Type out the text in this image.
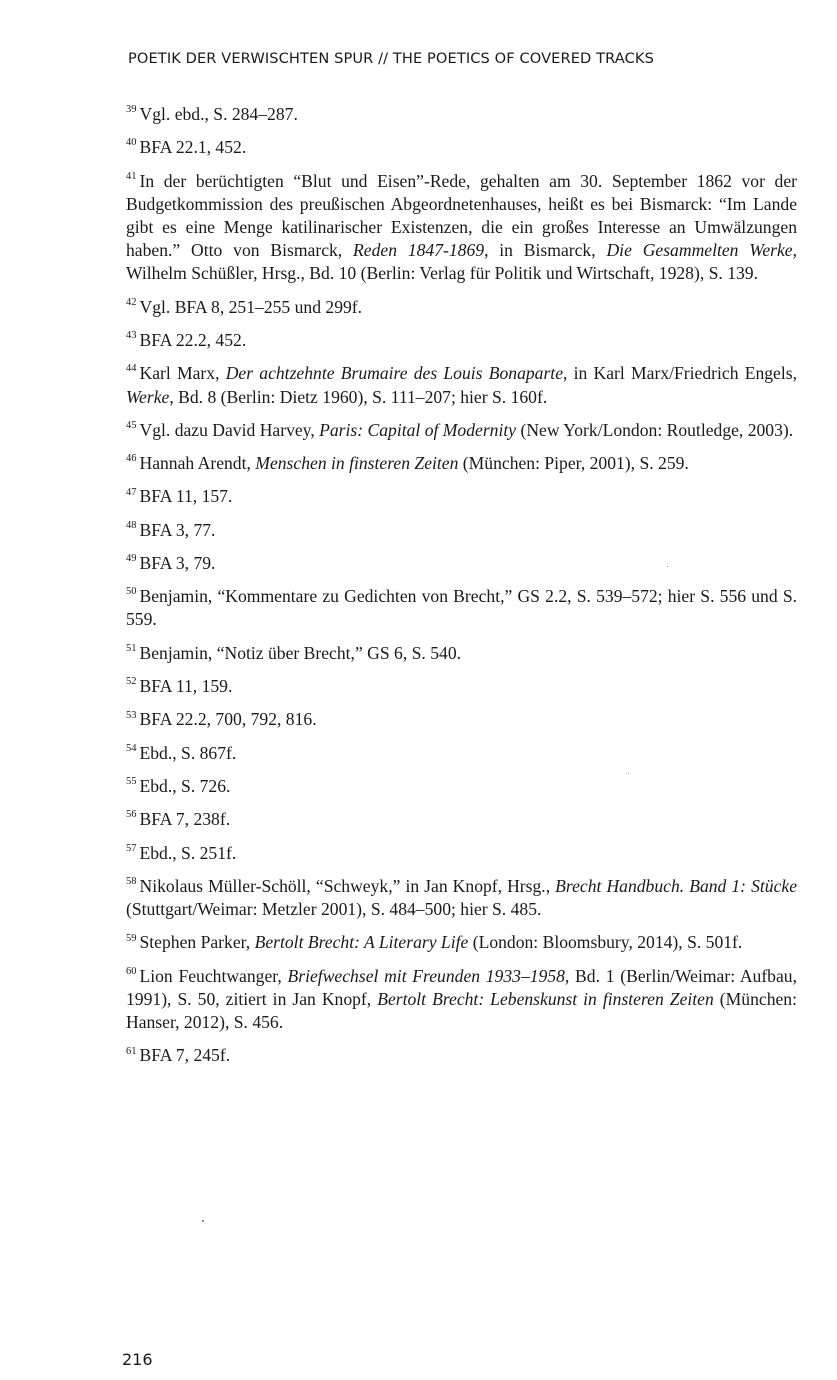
POETIK DER VERWISCHTEN SPUR // THE POETICS OF COVERED TRACKS

$^{39}$ Vgl. ebd., S. 284–287.

$^{40}$ BFA 22.1, 452.

$^{41}$ In der berüchtigten “Blut und Eisen”-Rede, gehalten am 30. September 1862 vor der Budgetkommission des preußischen Abgeordnetenhauses, heißt es bei Bismarck: “Im Lande gibt es eine Menge katilinarischer Existenzen, die ein großes Interesse an Umwälzungen haben.” Otto von Bismarck, Reden 1847-1869, in Bismarck, Die Gesammelten Werke, Wilhelm Schüßler, Hrsg., Bd. 10 (Berlin: Verlag für Politik und Wirtschaft, 1928), S. 139.

$^{42}$ Vgl. BFA 8, 251–255 und 299f.

$^{43}$ BFA 22.2, 452.

$^{44}$ Karl Marx, Der achtzehnte Brumaire des Louis Bonaparte, in Karl Marx/Friedrich Engels, Werke, Bd. 8 (Berlin: Dietz 1960), S. 111–207; hier S. 160f.

$^{45}$ Vgl. dazu David Harvey, Paris: Capital of Modernity (New York/London: Routledge, 2003).

$^{46}$ Hannah Arendt, Menschen in finsteren Zeiten (München: Piper, 2001), S. 259.

$^{47}$ BFA 11, 157.

$^{48}$ BFA 3, 77.

$^{49}$ BFA 3, 79.

$^{50}$ Benjamin, “Kommentare zu Gedichten von Brecht,” GS 2.2, S. 539–572; hier S. 556 und S. 559.

$^{51}$ Benjamin, “Notiz über Brecht,” GS 6, S. 540.

$^{52}$ BFA 11, 159.

$^{53}$ BFA 22.2, 700, 792, 816.

$^{54}$ Ebd., S. 867f.

$^{55}$ Ebd., S. 726.

$^{56}$ BFA 7, 238f.

$^{57}$ Ebd., S. 251f.

$^{58}$ Nikolaus Müller-Schöll, “Schweyk,” in Jan Knopf, Hrsg., Brecht Handbuch. Band 1: Stücke (Stuttgart/Weimar: Metzler 2001), S. 484–500; hier S. 485.

$^{59}$ Stephen Parker, Bertolt Brecht: A Literary Life (London: Bloomsbury, 2014), S. 501f.

$^{60}$ Lion Feuchtwanger, Briefwechsel mit Freunden 1933–1958, Bd. 1 (Berlin/Weimar: Aufbau, 1991), S. 50, zitiert in Jan Knopf, Bertolt Brecht: Lebenskunst in finsteren Zeiten (München: Hanser, 2012), S. 456.

$^{61}$ BFA 7, 245f.

216
